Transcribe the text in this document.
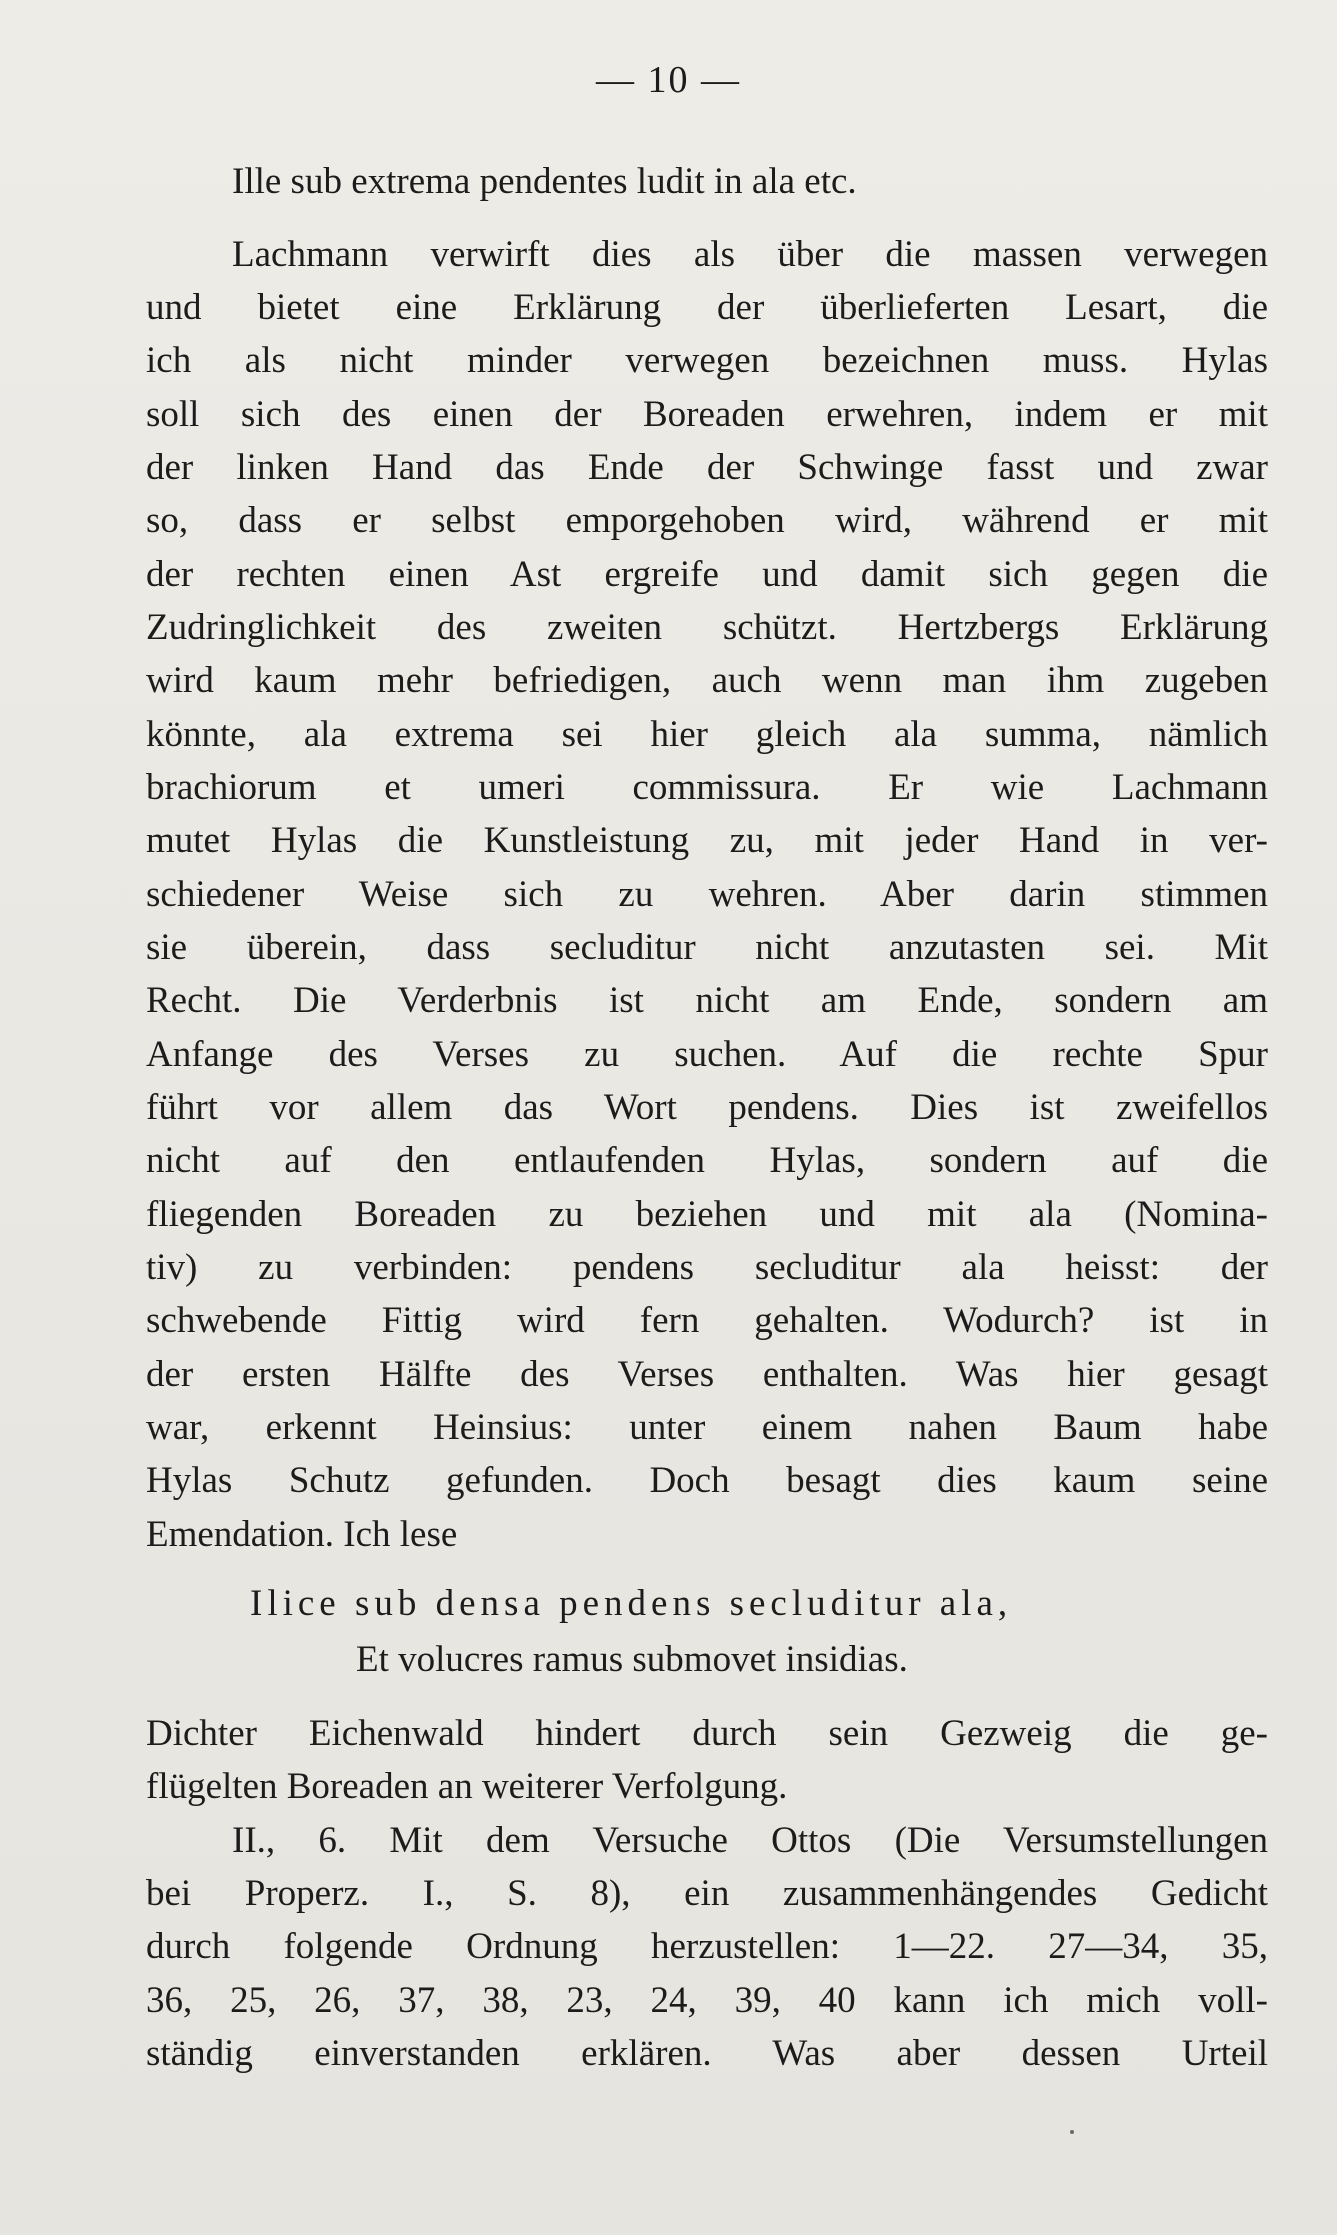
— 10 —
Ille sub extrema pendentes ludit in ala etc.
Lachmann verwirft dies als über die massen verwegen
und bietet eine Erklärung der überlieferten Lesart, die
ich als nicht minder verwegen bezeichnen muss. Hylas
soll sich des einen der Boreaden erwehren, indem er mit
der linken Hand das Ende der Schwinge fasst und zwar
so, dass er selbst emporgehoben wird, während er mit
der rechten einen Ast ergreife und damit sich gegen die
Zudringlichkeit des zweiten schützt. Hertzbergs Erklärung
wird kaum mehr befriedigen, auch wenn man ihm zugeben
könnte, ala extrema sei hier gleich ala summa, nämlich
brachiorum et umeri commissura. Er wie Lachmann
mutet Hylas die Kunstleistung zu, mit jeder Hand in ver-
schiedener Weise sich zu wehren. Aber darin stimmen
sie überein, dass secluditur nicht anzutasten sei. Mit
Recht. Die Verderbnis ist nicht am Ende, sondern am
Anfange des Verses zu suchen. Auf die rechte Spur
führt vor allem das Wort pendens. Dies ist zweifellos
nicht auf den entlaufenden Hylas, sondern auf die
fliegenden Boreaden zu beziehen und mit ala (Nomina-
tiv) zu verbinden: pendens secluditur ala heisst: der
schwebende Fittig wird fern gehalten. Wodurch? ist in
der ersten Hälfte des Verses enthalten. Was hier gesagt
war, erkennt Heinsius: unter einem nahen Baum habe
Hylas Schutz gefunden. Doch besagt dies kaum seine
Emendation. Ich lese
Ilice sub densa pendens secluditur ala,
Et volucres ramus submovet insidias.
Dichter Eichenwald hindert durch sein Gezweig die ge-
flügelten Boreaden an weiterer Verfolgung.
II., 6. Mit dem Versuche Ottos (Die Versumstellungen
bei Properz. I., S. 8), ein zusammenhängendes Gedicht
durch folgende Ordnung herzustellen: 1—22. 27—34, 35,
36, 25, 26, 37, 38, 23, 24, 39, 40 kann ich mich voll-
ständig einverstanden erklären. Was aber dessen Urteil
